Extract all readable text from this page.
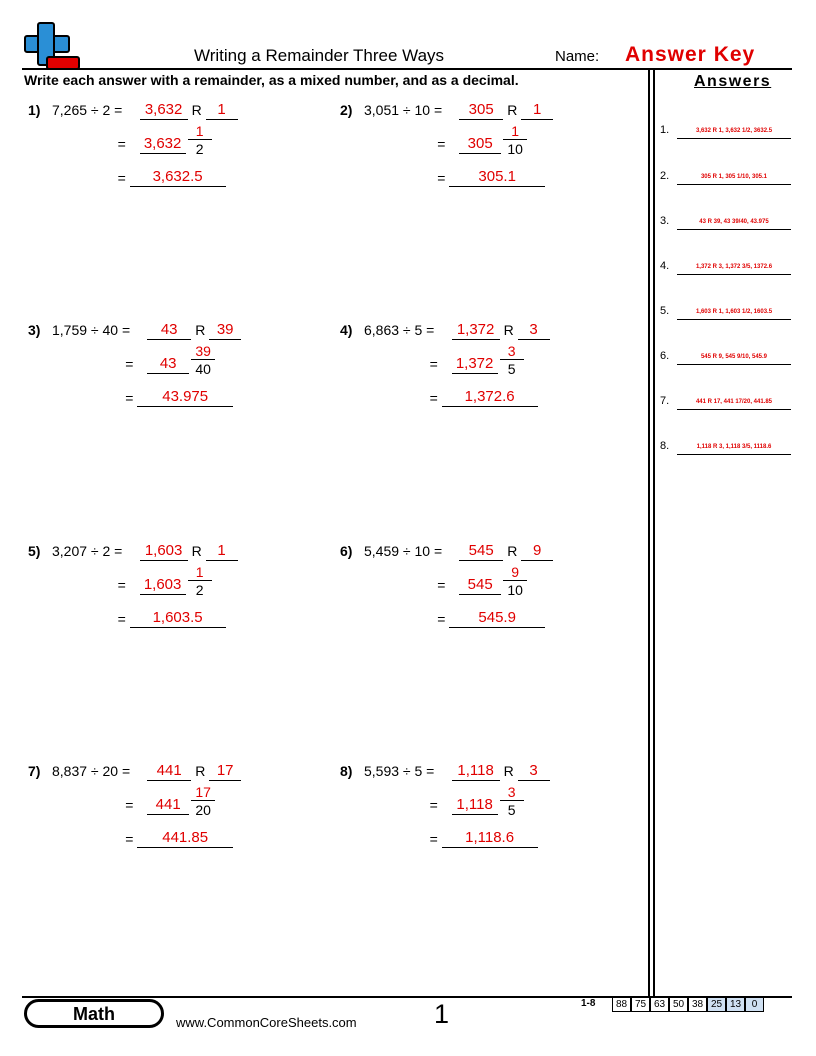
Writing a Remainder Three Ways	Name: Answer Key
Write each answer with a remainder, as a mixed number, and as a decimal.	Answers
1.	3,632 R 1, 3,632 1/2, 3632.5
2.	305 R 1, 305 1/10, 305.1
3.	43 R 39, 43 39/40, 43.975
4.	1,372 R 3, 1,372 3/5, 1372.6
5.	1,603 R 1, 1,603 1/2, 1603.5
6.	545 R 9, 545 9/10, 545.9
7.	441 R 17, 441 17/20, 441.85
8.	1,118 R 3, 1,118 3/5, 1118.6
1) 7,265 ÷ 2 =	3,632 R	1
= 3,632
1
2
=	3,632.5
2) 3,051 ÷ 10 =	305 R	1
=	305
1
10
=	305.1
3) 1,759 ÷ 40 =	43	R 39
=	43
39
40
=	43.975
4) 6,863 ÷ 5 =	1,372 R	3
= 1,372
3
5
=	1,372.6
5) 3,207 ÷ 2 =	1,603 R	1
= 1,603
1
2
=	1,603.5
6) 5,459 ÷ 10 =	545 R	9
=	545
9
10
=	545.9
7) 8,837 ÷ 20 =	441 R 17
=	441
17
20
=	441.85
8) 5,593 ÷ 5 =	1,118 R	3
=	1,118
3
5
=	1,118.6
Math	www.CommonCoreSheets.com	1	1-8	88 75 63 50 38 25 13	0
